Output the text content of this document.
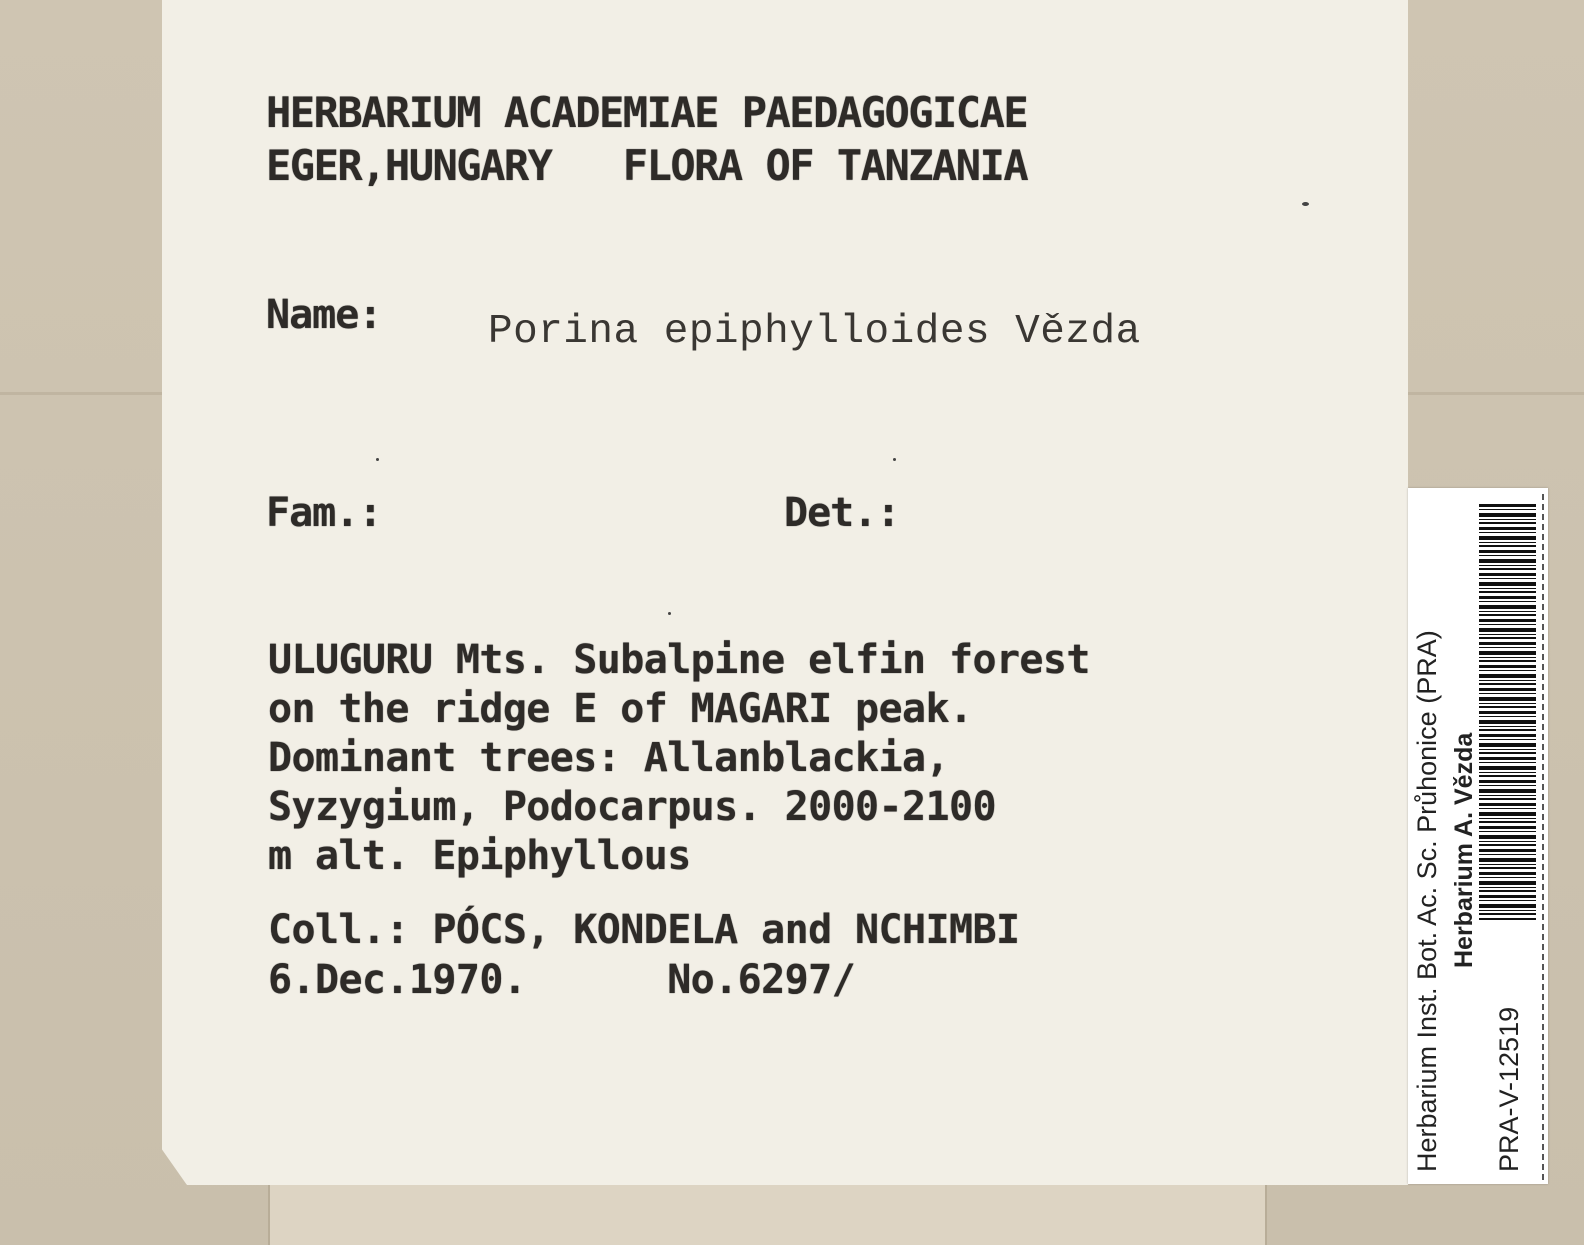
HERBARIUM ACADEMIAE PAEDAGOGICAE
EGER,HUNGARY   FLORA OF TANZANIA
Name:	Porina epiphylloides Vězda
Fam.:	Det.:
ULUGURU Mts. Subalpine elfin forest
on the ridge E of MAGARI peak.
Dominant trees: Allanblackia,
Syzygium, Podocarpus. 2000-2100
m alt. Epiphyllous
Coll.: PÓCS, KONDELA and NCHIMBI
6.Dec.1970.      No.6297/	Herbarium Inst. Bot. Ac. Sc. Průhonice (PRA) Herbarium A. Vězda

PRA-V-12519
